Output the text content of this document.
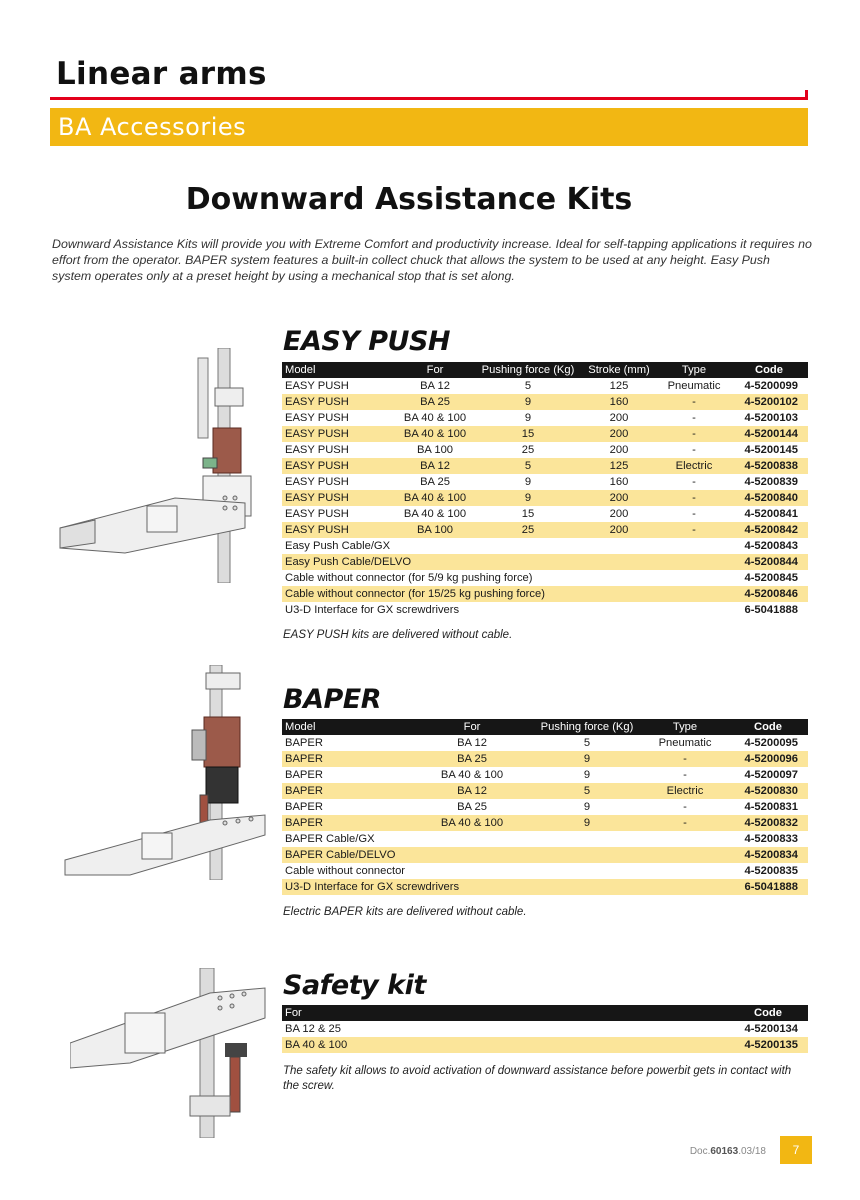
Linear arms
BA Accessories
Downward Assistance Kits
Downward Assistance Kits will provide you with Extreme Comfort and productivity increase. Ideal for self-tapping applications it requires no effort from the operator. BAPER system features a built-in collect chuck that allows the system to be used at any height. Easy Push system operates only at a preset height by using a mechanical stop that is set along.
EASY PUSH
Model	For	Pushing force (Kg)	Stroke (mm)	Type	Code
EASY PUSH	BA 12	5	125	Pneumatic	4-5200099
EASY PUSH	BA 25	9	160	-	4-5200102
EASY PUSH	BA 40 & 100	9	200	-	4-5200103
EASY PUSH	BA 40 & 100	15	200	-	4-5200144
EASY PUSH	BA 100	25	200	-	4-5200145
EASY PUSH	BA 12	5	125	Electric	4-5200838
EASY PUSH	BA 25	9	160	-	4-5200839
EASY PUSH	BA 40 & 100	9	200	-	4-5200840
EASY PUSH	BA 40 & 100	15	200	-	4-5200841
EASY PUSH	BA 100	25	200	-	4-5200842
Easy Push Cable/GX					4-5200843
Easy Push Cable/DELVO					4-5200844
Cable without connector (for 5/9 kg pushing force)					4-5200845
Cable without connector (for 15/25 kg pushing force)					4-5200846
U3-D Interface for GX screwdrivers					6-5041888
EASY PUSH kits are delivered without cable.
BAPER
Model	For	Pushing force (Kg)	Type	Code
BAPER	BA 12	5	Pneumatic	4-5200095
BAPER	BA 25	9	-	4-5200096
BAPER	BA 40 & 100	9	-	4-5200097
BAPER	BA 12	5	Electric	4-5200830
BAPER	BA 25	9	-	4-5200831
BAPER	BA 40 & 100	9	-	4-5200832
BAPER Cable/GX				4-5200833
BAPER Cable/DELVO				4-5200834
Cable without connector				4-5200835
U3-D Interface for GX screwdrivers				6-5041888
Electric BAPER kits are delivered without cable.
Safety kit
For	Code
BA 12 & 25	4-5200134
BA 40 & 100	4-5200135
The safety kit allows to avoid activation of downward assistance before powerbit gets in contact with the screw.
Doc.60163.03/18	7
